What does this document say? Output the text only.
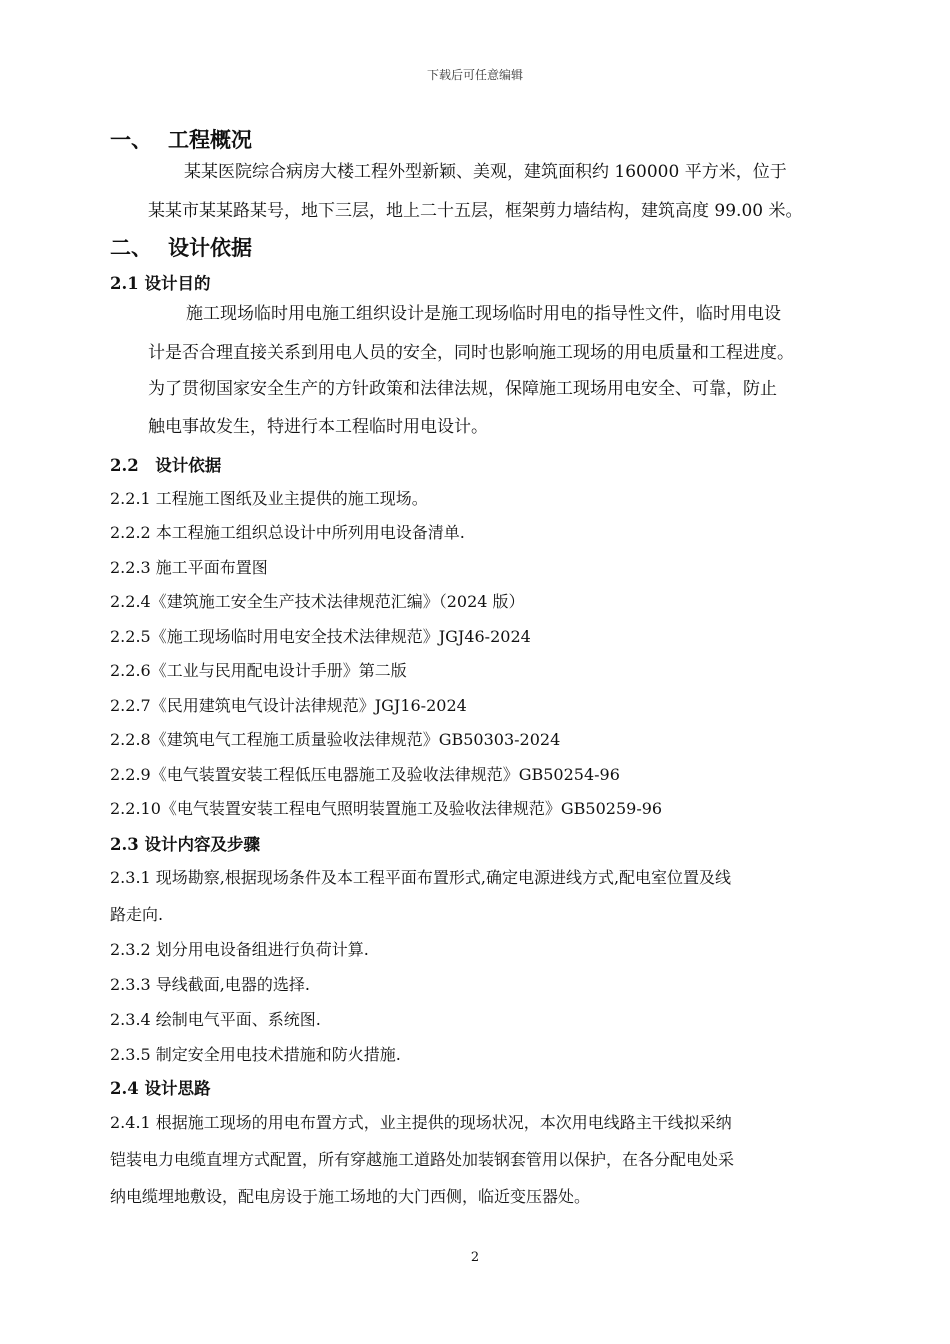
下载后可任意编辑
一、 工程概况
某某医院综合病房大楼工程外型新颖、美观，建筑面积约 160000 平方米，位于
某某市某某路某号，地下三层，地上二十五层，框架剪力墙结构，建筑高度 99.00 米。
二、 设计依据
2.1 设计目的
施工现场临时用电施工组织设计是施工现场临时用电的指导性文件，临时用电设
计是否合理直接关系到用电人员的安全，同时也影响施工现场的用电质量和工程进度。
为了贯彻国家安全生产的方针政策和法律法规，保障施工现场用电安全、可靠，防止
触电事故发生，特进行本工程临时用电设计。
2.2　设计依据
2.2.1 工程施工图纸及业主提供的施工现场。
2.2.2 本工程施工组织总设计中所列用电设备清单.
2.2.3 施工平面布置图
2.2.4《建筑施工安全生产技术法律规范汇编》（2024 版）
2.2.5《施工现场临时用电安全技术法律规范》JGJ46-2024
2.2.6《工业与民用配电设计手册》第二版
2.2.7《民用建筑电气设计法律规范》JGJ16-2024
2.2.8《建筑电气工程施工质量验收法律规范》GB50303-2024
2.2.9《电气装置安装工程低压电器施工及验收法律规范》GB50254-96
2.2.10《电气装置安装工程电气照明装置施工及验收法律规范》GB50259-96
2.3 设计内容及步骤
2.3.1 现场勘察,根据现场条件及本工程平面布置形式,确定电源进线方式,配电室位置及线
路走向.
2.3.2 划分用电设备组进行负荷计算.
2.3.3 导线截面,电器的选择.
2.3.4 绘制电气平面、系统图.
2.3.5 制定安全用电技术措施和防火措施.
2.4 设计思路
2.4.1 根据施工现场的用电布置方式，业主提供的现场状况，本次用电线路主干线拟采纳
铠装电力电缆直埋方式配置，所有穿越施工道路处加装钢套管用以保护，在各分配电处采
纳电缆埋地敷设，配电房设于施工场地的大门西侧，临近变压器处。
2
